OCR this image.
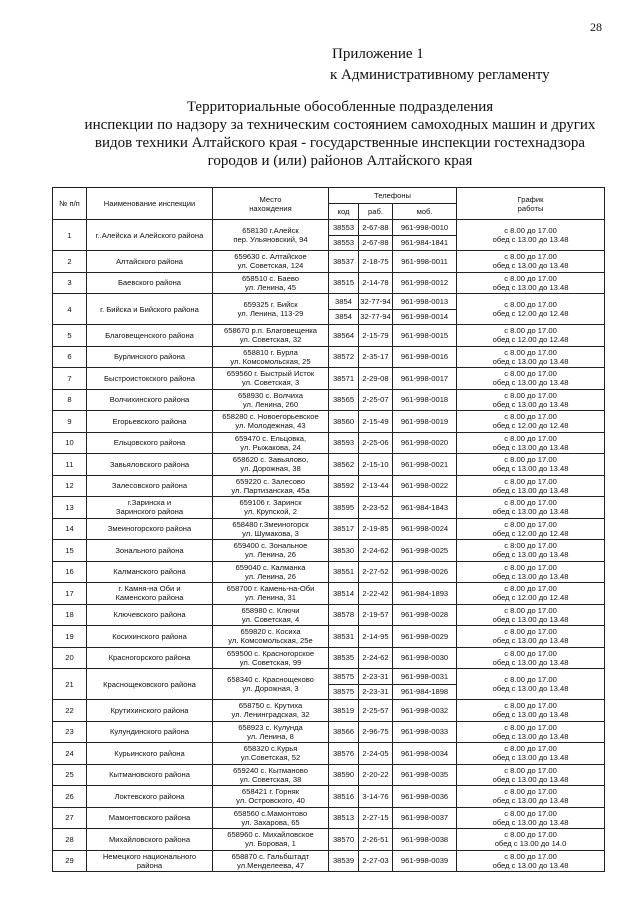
28
Приложение 1
к Административному регламенту
Территориальные обособленные подразделения
инспекции по надзору за техническим состоянием самоходных машин и других
видов техники Алтайского края - государственные инспекции гостехнадзора
городов и (или) районов Алтайского края
№ п/п	Наименование инспекции	Место нахождения	Телефоны			График работы
			код	раб.	моб.	
1	г..Алейска и Алейского района	658130 г.Алейск
пер. Ульяновский, 94	38553	2-67-88	961-998-0010	с 8.00 до 17.00
обед с 13.00 до 13.48
			38553	2-67-88	961-984-1841	
2	Алтайского района	659630 с. Алтайское
ул. Советская, 124	38537	2-18-75	961-998-0011	с 8.00 до 17.00
обед с 13.00 до 13.48
3	Баевского района	658510 с. Баево
ул. Ленина, 45	38515	2-14-78	961-998-0012	с 8.00 до 17.00
обед с 13.00 до 13.48
4	г. Бийска и Бийского района	659325 г. Бийск
ул. Ленина, 113-29	3854	32-77-94	961-998-0013	с 8.00 до 17.00
обед с 12.00 до 12.48
			3854	32-77-94	961-998-0014	
5	Благовещенского района	658670 р.п. Благовещенка
ул. Советская, 32	38564	2-15-79	961-998-0015	с 8.00 до 17.00
обед с 12.00 до 12.48
6	Бурлинского района	658810 г. Бурла
ул. Комсомольская, 25	38572	2-35-17	961-998-0016	с 8.00 до 17.00
обед с 13.00 до 13.48
7	Быстроистокского района	659560 г. Быстрый Исток
ул. Советская, 3	38571	2-29-08	961-998-0017	с 8.00 до 17.00
обед с 13.00 до 13.48
8	Волчихинского района	658930 с. Волчиха
ул. Ленина, 260	38565	2-25-07	961-998-0018	с 8.00 до 17.00
обед с 13.00 до 13.48
9	Егорьевского района	658280 с. Новоегорьевское
ул. Молодежная, 43	38560	2-15-49	961-998-0019	с 8.00 до 17.00
обед с 12.00 до 12.48
10	Ельцовского района	659470 с. Ельцовка,
ул. Рыжакова, 24	38593	2-25-06	961-998-0020	с 8.00 до 17.00
обед с 13.00 до 13.48
11	Завьяловского района	658620 с. Завьялово,
ул. Дорожная, 38	38562	2-15-10	961-998-0021	с 8.00 до 17.00
обед с 13.00 до 13.48
12	Залесовского района	659220 с. Залесово
ул. Партизанская, 45а	38592	2-13-44	961-998-0022	с 8.00 до 17.00
обед с 13.00 до 13.48
13	г.Заринска и
Заринского района	659106 г. Заринск
ул. Крупской, 2	38595	2-23-52	961-984-1843	с 8.00 до 17.00
обед с 13.00 до 13.48
14	Змеиногорского района	658480 г.Змеиногорск
ул. Шумакова, 3	38517	2-19-85	961-998-0024	с 8.00 до 17.00
обед с 12.00 до 12.48
15	Зонального района	659400 с. Зональное
ул. Ленина, 26	38530	2-24-62	961-998-0025	с 8:00 до 17.00
обед с 13.00 до 13.48
16	Калманского района	659040 с. Калманка
ул. Ленина, 26	38551	2-27-52	961-998-0026	с 8.00 до 17.00
обед с 13.00 до 13.48
17	г. Камня-на Оби и
Каменского района	658700 г. Камень-на-Оби
ул. Ленина, 31	38514	2-22-42	961-984-1893	с 8.00 до 17.00
обед с 12.00 до 12.48
18	Ключевского района	658980 с. Ключи
ул. Советская, 4	38578	2-19-57	961-998-0028	с 8.00 до 17.00
обед с 13.00 до 13.48
19	Косихинского района	659820 с. Косиха
ул. Комсомольская, 25е	38531	2-14-95	961-998-0029	с 8.00 до 17.00
обед с 13.00 до 13.48
20	Красногорского района	659500 с. Красногорское
ул. Советская, 99	38535	2-24-62	961-998-0030	с 8.00 до 17.00
обед с 13.00 до 13.48
21	Краснощековского района	658340 с. Краснощеково
ул. Дорожная, 3	38575	2-23-31	961-998-0031	с 8.00 до 17.00
обед с 13.00 до 13.48
			38575	2-23-31	961-984-1898	
22	Крутихинского района	658750 с. Крутиха
ул. Ленинградская, 32	38519	2-25-57	961-998-0032	с 8.00 до 17.00
обед с 13.00 до 13.48
23	Кулундинского района	658923 с. Кулунда
ул. Ленина, 8	38566	2-96-75	961-998-0033	с 8.00 до 17.00
обед с 13.00 до 13.48
24	Курьинского района	658320 с.Курья
ул.Советская, 52	38576	2-24-05	961-998-0034	с 8.00 до 17.00
обед с 13.00 до 13.48
25	Кытмановского района	659240 с. Кытманово
ул. Советская, 38	38590	2-20-22	961-998-0035	с 8.00 до 17.00
обед с 13.00 до 13.48
26	Локтевского района	658421 г. Горняк
ул. Островского, 40	38516	3-14-76	961-998-0036	с 8.00 до 17.00
обед с 13.00 до 13.48
27	Мамонтовского района	658560 с.Мамонтово
ул. Захарова, 65	38513	2-27-15	961-998-0037	с 8.00 до 17.00
обед с 13.00 до 13.48
28	Михайловского района	658960 с. Михайловское
ул. Боровая, 1	38570	2-26-51	961-998-0038	с 8.00 до 17.00
обед с 13.00 до 14.0
29	Немецкого национального
района	658870 с. Гальбштадт
ул.Менделеева, 47	38539	2-27-03	961-998-0039	с 8.00 до 17.00
обед с 13.00 до 13.48
